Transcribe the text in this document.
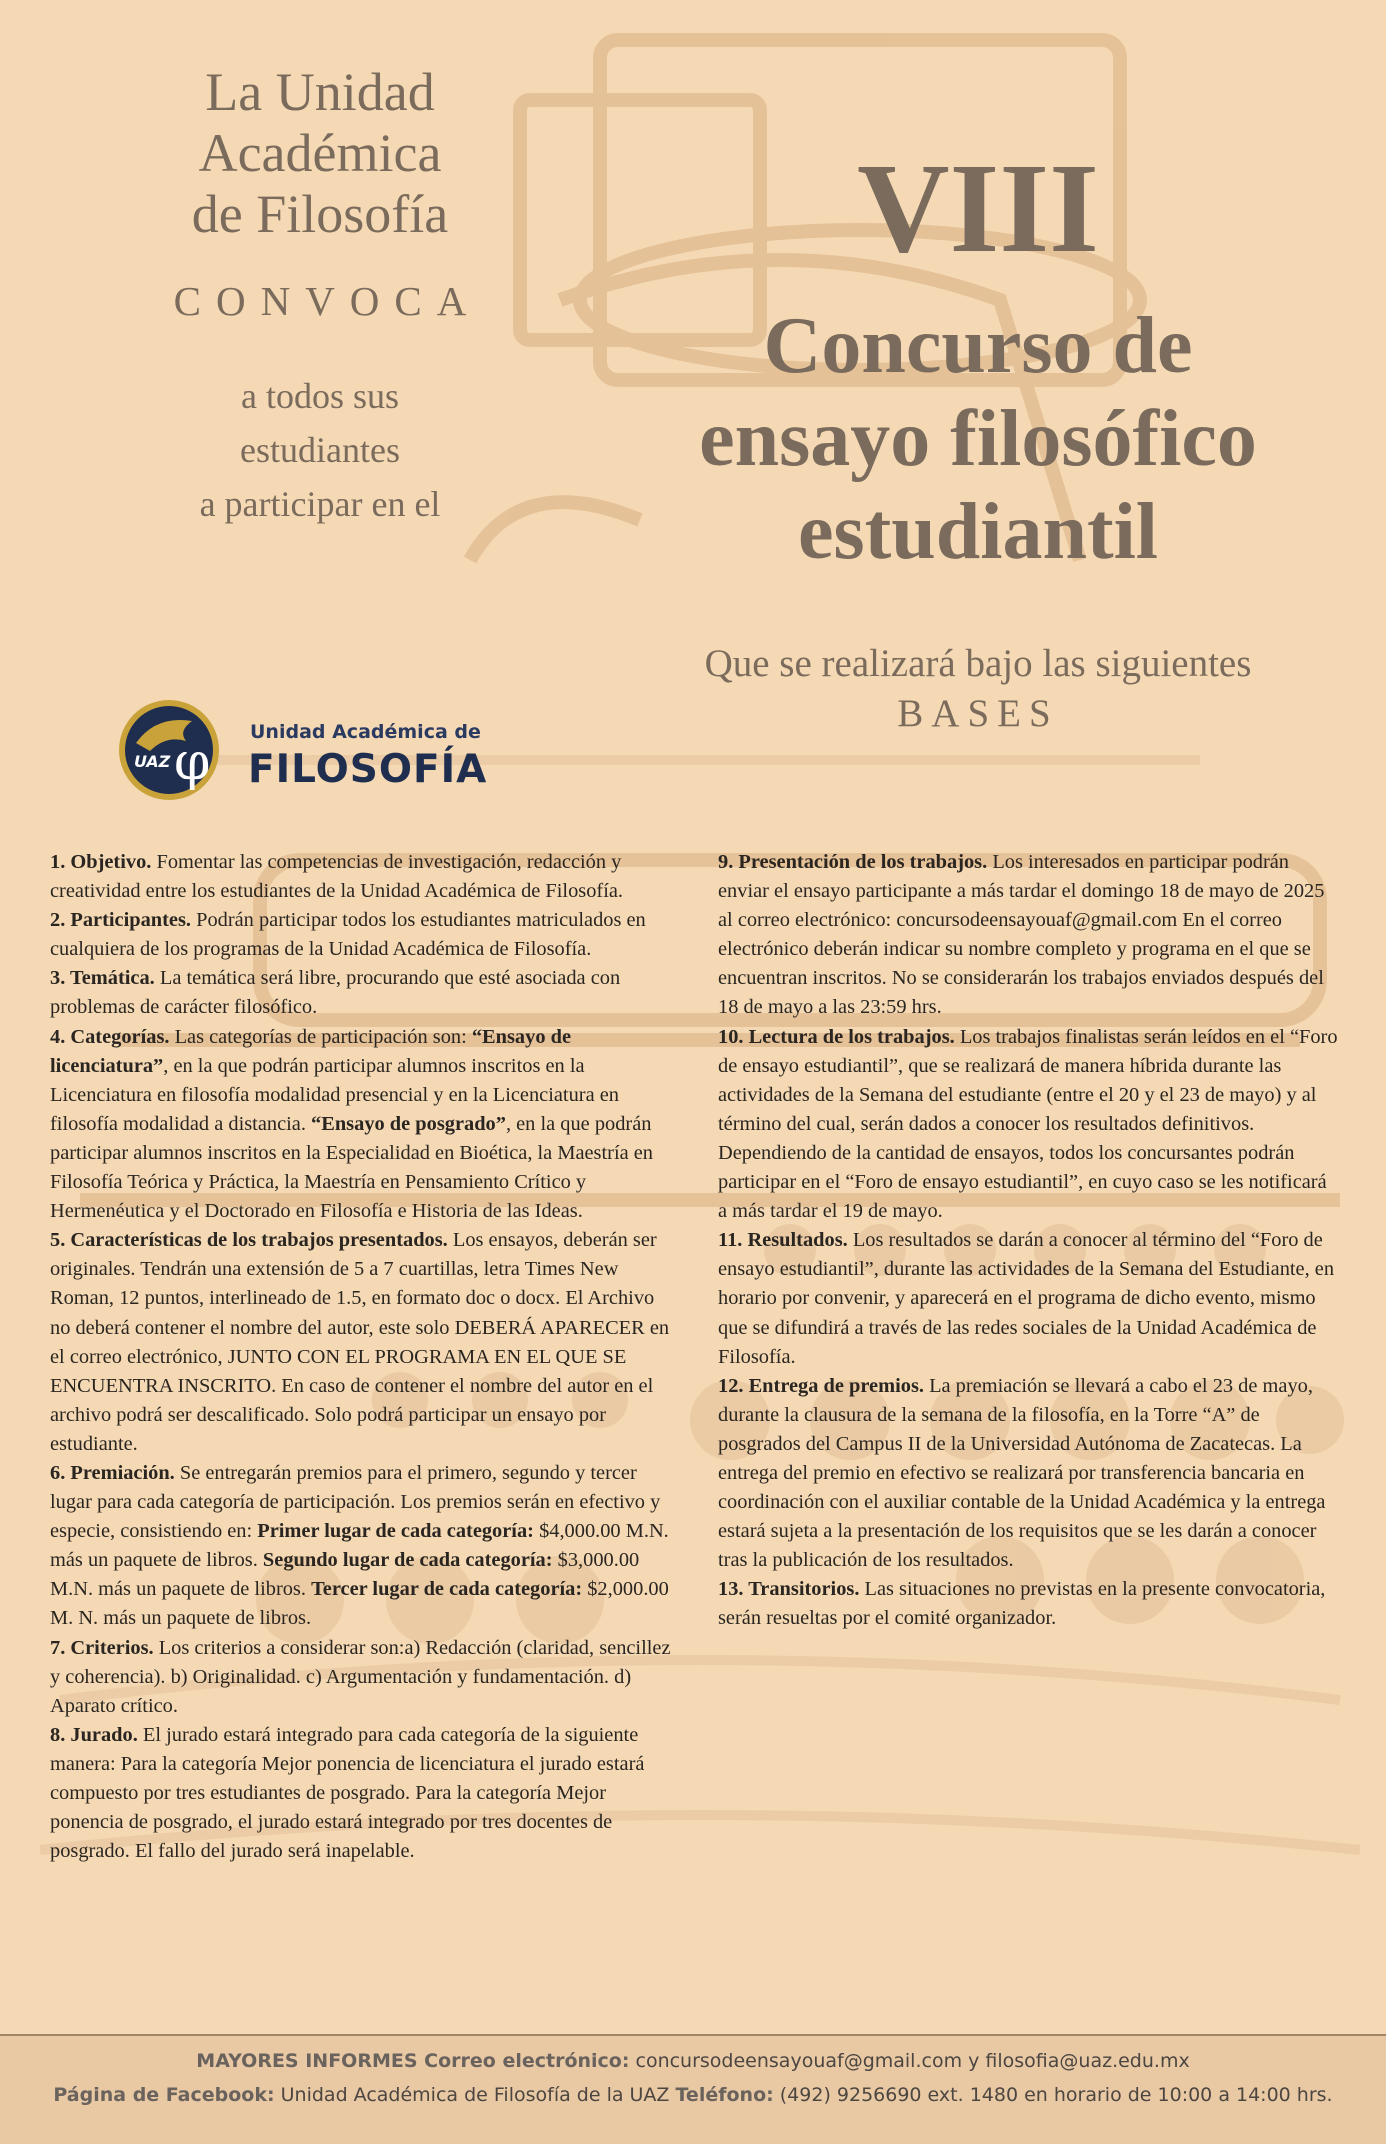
La Unidad
Académica
de Filosofía
CONVOCA
a todos sus
estudiantes
a participar en el
UAZ φ Unidad Académica de
FILOSOFÍA
VIII
Concurso de
ensayo filosófico
estudiantil
Que se realizará bajo las siguientes
BASES

1. Objetivo. Fomentar las competencias de investigación, redacción y creatividad entre los estudiantes de la Unidad Académica de Filosofía.

2. Participantes. Podrán participar todos los estudiantes matriculados en cualquiera de los programas de la Unidad Académica de Filosofía.

3. Temática. La temática será libre, procurando que esté asociada con problemas de carácter filosófico.

4. Categorías. Las categorías de participación son: “Ensayo de licenciatura”, en la que podrán participar alumnos inscritos en la Licenciatura en filosofía modalidad presencial y en la Licenciatura en filosofía modalidad a distancia. “Ensayo de posgrado”, en la que podrán participar alumnos inscritos en la Especialidad en Bioética, la Maestría en Filosofía Teórica y Práctica, la Maestría en Pensamiento Crítico y Hermenéutica y el Doctorado en Filosofía e Historia de las Ideas.

5. Características de los trabajos presentados. Los ensayos, deberán ser originales. Tendrán una extensión de 5 a 7 cuartillas, letra Times New Roman, 12 puntos, interlineado de 1.5, en formato doc o docx. El Archivo no deberá contener el nombre del autor, este solo DEBERÁ APARECER en el correo electrónico, JUNTO CON EL PROGRAMA EN EL QUE SE ENCUENTRA INSCRITO. En caso de contener el nombre del autor en el archivo podrá ser descalificado. Solo podrá participar un ensayo por estudiante.

6. Premiación. Se entregarán premios para el primero, segundo y tercer lugar para cada categoría de participación. Los premios serán en efectivo y especie, consistiendo en: Primer lugar de cada categoría: $4,000.00 M.N. más un paquete de libros. Segundo lugar de cada categoría: $3,000.00 M.N. más un paquete de libros. Tercer lugar de cada categoría: $2,000.00 M. N. más un paquete de libros.

7. Criterios. Los criterios a considerar son:a) Redacción (claridad, sencillez y coherencia). b) Originalidad. c) Argumentación y fundamentación. d) Aparato crítico.

8. Jurado. El jurado estará integrado para cada categoría de la siguiente manera: Para la categoría Mejor ponencia de licenciatura el jurado estará compuesto por tres estudiantes de posgrado. Para la categoría Mejor ponencia de posgrado, el jurado estará integrado por tres docentes de posgrado. El fallo del jurado será inapelable.

9. Presentación de los trabajos. Los interesados en participar podrán enviar el ensayo participante a más tardar el domingo 18 de mayo de 2025 al correo electrónico: concursodeensayouaf@gmail.com En el correo electrónico deberán indicar su nombre completo y programa en el que se encuentran inscritos. No se considerarán los trabajos enviados después del 18 de mayo a las 23:59 hrs.

10. Lectura de los trabajos. Los trabajos finalistas serán leídos en el “Foro de ensayo estudiantil”, que se realizará de manera híbrida durante las actividades de la Semana del estudiante (entre el 20 y el 23 de mayo) y al término del cual, serán dados a conocer los resultados definitivos. Dependiendo de la cantidad de ensayos, todos los concursantes podrán participar en el “Foro de ensayo estudiantil”, en cuyo caso se les notificará a más tardar el 19 de mayo.

11. Resultados. Los resultados se darán a conocer al término del “Foro de ensayo estudiantil”, durante las actividades de la Semana del Estudiante, en horario por convenir, y aparecerá en el programa de dicho evento, mismo que se difundirá a través de las redes sociales de la Unidad Académica de Filosofía.

12. Entrega de premios. La premiación se llevará a cabo el 23 de mayo, durante la clausura de la semana de la filosofía, en la Torre “A” de posgrados del Campus II de la Universidad Autónoma de Zacatecas. La entrega del premio en efectivo se realizará por transferencia bancaria en coordinación con el auxiliar contable de la Unidad Académica y la entrega estará sujeta a la presentación de los requisitos que se les darán a conocer tras la publicación de los resultados.

13. Transitorios. Las situaciones no previstas en la presente convocatoria, serán resueltas por el comité organizador.

MAYORES INFORMES Correo electrónico: concursodeensayouaf@gmail.com y filosofia@uaz.edu.mx
Página de Facebook: Unidad Académica de Filosofía de la UAZ Teléfono: (492) 9256690 ext. 1480 en horario de 10:00 a 14:00 hrs.
